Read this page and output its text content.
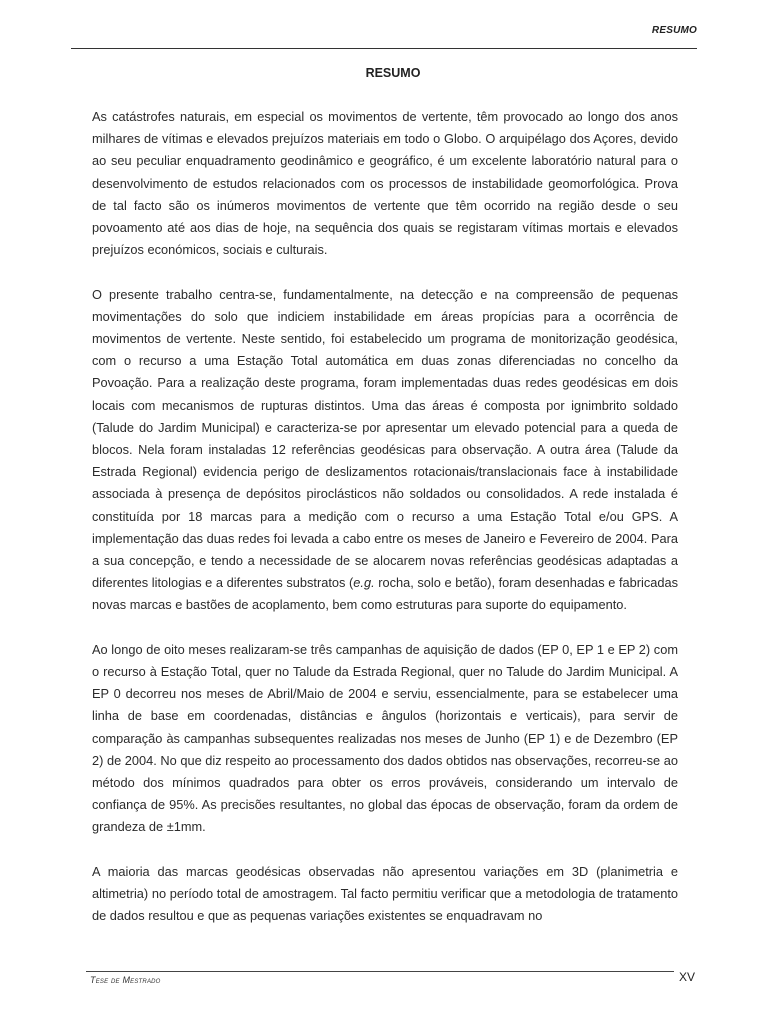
RESUMO
RESUMO

As catástrofes naturais, em especial os movimentos de vertente, têm provocado ao longo dos anos milhares de vítimas e elevados prejuízos materiais em todo o Globo. O arquipélago dos Açores, devido ao seu peculiar enquadramento geodinâmico e geográfico, é um excelente laboratório natural para o desenvolvimento de estudos relacionados com os processos de instabilidade geomorfológica. Prova de tal facto são os inúmeros movimentos de vertente que têm ocorrido na região desde o seu povoamento até aos dias de hoje, na sequência dos quais se registaram vítimas mortais e elevados prejuízos económicos, sociais e culturais.

O presente trabalho centra-se, fundamentalmente, na detecção e na compreensão de pequenas movimentações do solo que indiciem instabilidade em áreas propícias para a ocorrência de movimentos de vertente. Neste sentido, foi estabelecido um programa de monitorização geodésica, com o recurso a uma Estação Total automática em duas zonas diferenciadas no concelho da Povoação. Para a realização deste programa, foram implementadas duas redes geodésicas em dois locais com mecanismos de rupturas distintos. Uma das áreas é composta por ignimbrito soldado (Talude do Jardim Municipal) e caracteriza-se por apresentar um elevado potencial para a queda de blocos. Nela foram instaladas 12 referências geodésicas para observação. A outra área (Talude da Estrada Regional) evidencia perigo de deslizamentos rotacionais/translacionais face à instabilidade associada à presença de depósitos piroclásticos não soldados ou consolidados. A rede instalada é constituída por 18 marcas para a medição com o recurso a uma Estação Total e/ou GPS. A implementação das duas redes foi levada a cabo entre os meses de Janeiro e Fevereiro de 2004. Para a sua concepção, e tendo a necessidade de se alocarem novas referências geodésicas adaptadas a diferentes litologias e a diferentes substratos (e.g. rocha, solo e betão), foram desenhadas e fabricadas novas marcas e bastões de acoplamento, bem como estruturas para suporte do equipamento.

Ao longo de oito meses realizaram-se três campanhas de aquisição de dados (EP 0, EP 1 e EP 2) com o recurso à Estação Total, quer no Talude da Estrada Regional, quer no Talude do Jardim Municipal. A EP 0 decorreu nos meses de Abril/Maio de 2004 e serviu, essencialmente, para se estabelecer uma linha de base em coordenadas, distâncias e ângulos (horizontais e verticais), para servir de comparação às campanhas subsequentes realizadas nos meses de Junho (EP 1) e de Dezembro (EP 2) de 2004. No que diz respeito ao processamento dos dados obtidos nas observações, recorreu-se ao método dos mínimos quadrados para obter os erros prováveis, considerando um intervalo de confiança de 95%. As precisões resultantes, no global das épocas de observação, foram da ordem de grandeza de ±1mm.

A maioria das marcas geodésicas observadas não apresentou variações em 3D (planimetria e altimetria) no período total de amostragem. Tal facto permitiu verificar que a metodologia de tratamento de dados resultou e que as pequenas variações existentes se enquadravam no

Tese de Mestrado	XV
